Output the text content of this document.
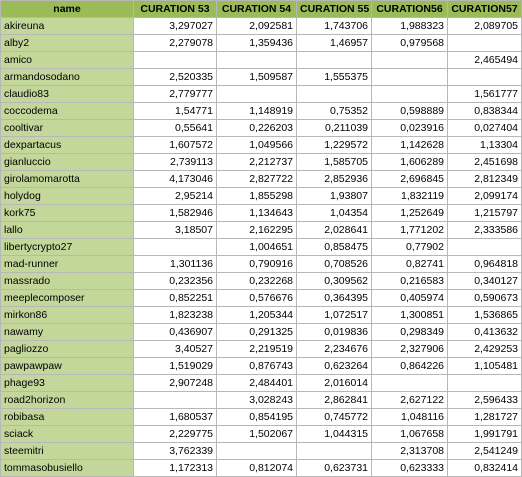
name	CURATION 53	CURATION 54	CURATION 55	CURATION56	CURATION57
akireuna	3,297027	2,092581	1,743706	1,988323	2,089705
alby2	2,279078	1,359436	1,46957	0,979568	
amico					2,465494
armandosodano	2,520335	1,509587	1,555375		
claudio83	2,779777				1,561777
coccodema	1,54771	1,148919	0,75352	0,598889	0,838344
cooltivar	0,55641	0,226203	0,211039	0,023916	0,027404
dexpartacus	1,607572	1,049566	1,229572	1,142628	1,13304
gianluccio	2,739113	2,212737	1,585705	1,606289	2,451698
girolamomarotta	4,173046	2,827722	2,852936	2,696845	2,812349
holydog	2,95214	1,855298	1,93807	1,832119	2,099174
kork75	1,582946	1,134643	1,04354	1,252649	1,215797
lallo	3,18507	2,162295	2,028641	1,771202	2,333586
libertycrypto27		1,004651	0,858475	0,77902	
mad-runner	1,301136	0,790916	0,708526	0,82741	0,964818
massrado	0,232356	0,232268	0,309562	0,216583	0,340127
meeplecomposer	0,852251	0,576676	0,364395	0,405974	0,590673
mirkon86	1,823238	1,205344	1,072517	1,300851	1,536865
nawamy	0,436907	0,291325	0,019836	0,298349	0,413632
pagliozzo	3,40527	2,219519	2,234676	2,327906	2,429253
pawpawpaw	1,519029	0,876743	0,623264	0,864226	1,105481
phage93	2,907248	2,484401	2,016014		
road2horizon		3,028243	2,862841	2,627122	2,596433
robibasa	1,680537	0,854195	0,745772	1,048116	1,281727
sciack	2,229775	1,502067	1,044315	1,067658	1,991791
steemitri	3,762339			2,313708	2,541249
tommasobusiello	1,172313	0,812074	0,623731	0,623333	0,832414
